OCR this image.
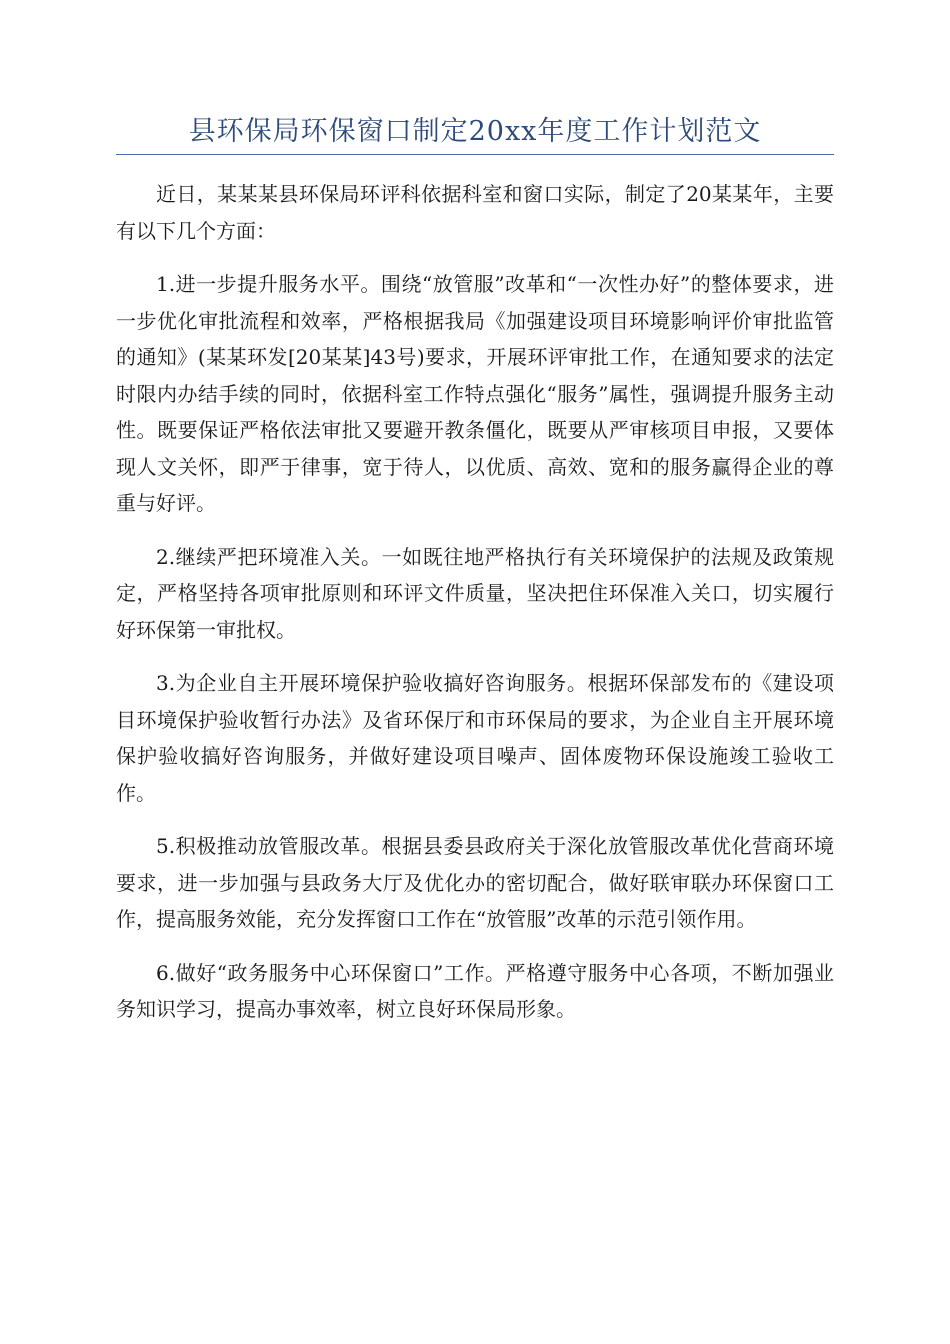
县环保局环保窗口制定20xx年度工作计划范文

近日，某某某县环保局环评科依据科室和窗口实际，制定了20某某年，主要有以下几个方面：

1.进一步提升服务水平。围绕“放管服”改革和“一次性办好”的整体要求，进一步优化审批流程和效率，严格根据我局《加强建设项目环境影响评价审批监管的通知》(某某环发[20某某]43号)要求，开展环评审批工作，在通知要求的法定时限内办结手续的同时，依据科室工作特点强化“服务”属性，强调提升服务主动性。既要保证严格依法审批又要避开教条僵化，既要从严审核项目申报，又要体现人文关怀，即严于律事，宽于待人，以优质、高效、宽和的服务赢得企业的尊重与好评。

2.继续严把环境准入关。一如既往地严格执行有关环境保护的法规及政策规定，严格坚持各项审批原则和环评文件质量，坚决把住环保准入关口，切实履行好环保第一审批权。

3.为企业自主开展环境保护验收搞好咨询服务。根据环保部发布的《建设项目环境保护验收暂行办法》及省环保厅和市环保局的要求，为企业自主开展环境保护验收搞好咨询服务，并做好建设项目噪声、固体废物环保设施竣工验收工作。

5.积极推动放管服改革。根据县委县政府关于深化放管服改革优化营商环境要求，进一步加强与县政务大厅及优化办的密切配合，做好联审联办环保窗口工作，提高服务效能，充分发挥窗口工作在“放管服”改革的示范引领作用。

6.做好“政务服务中心环保窗口”工作。严格遵守服务中心各项，不断加强业务知识学习，提高办事效率，树立良好环保局形象。
